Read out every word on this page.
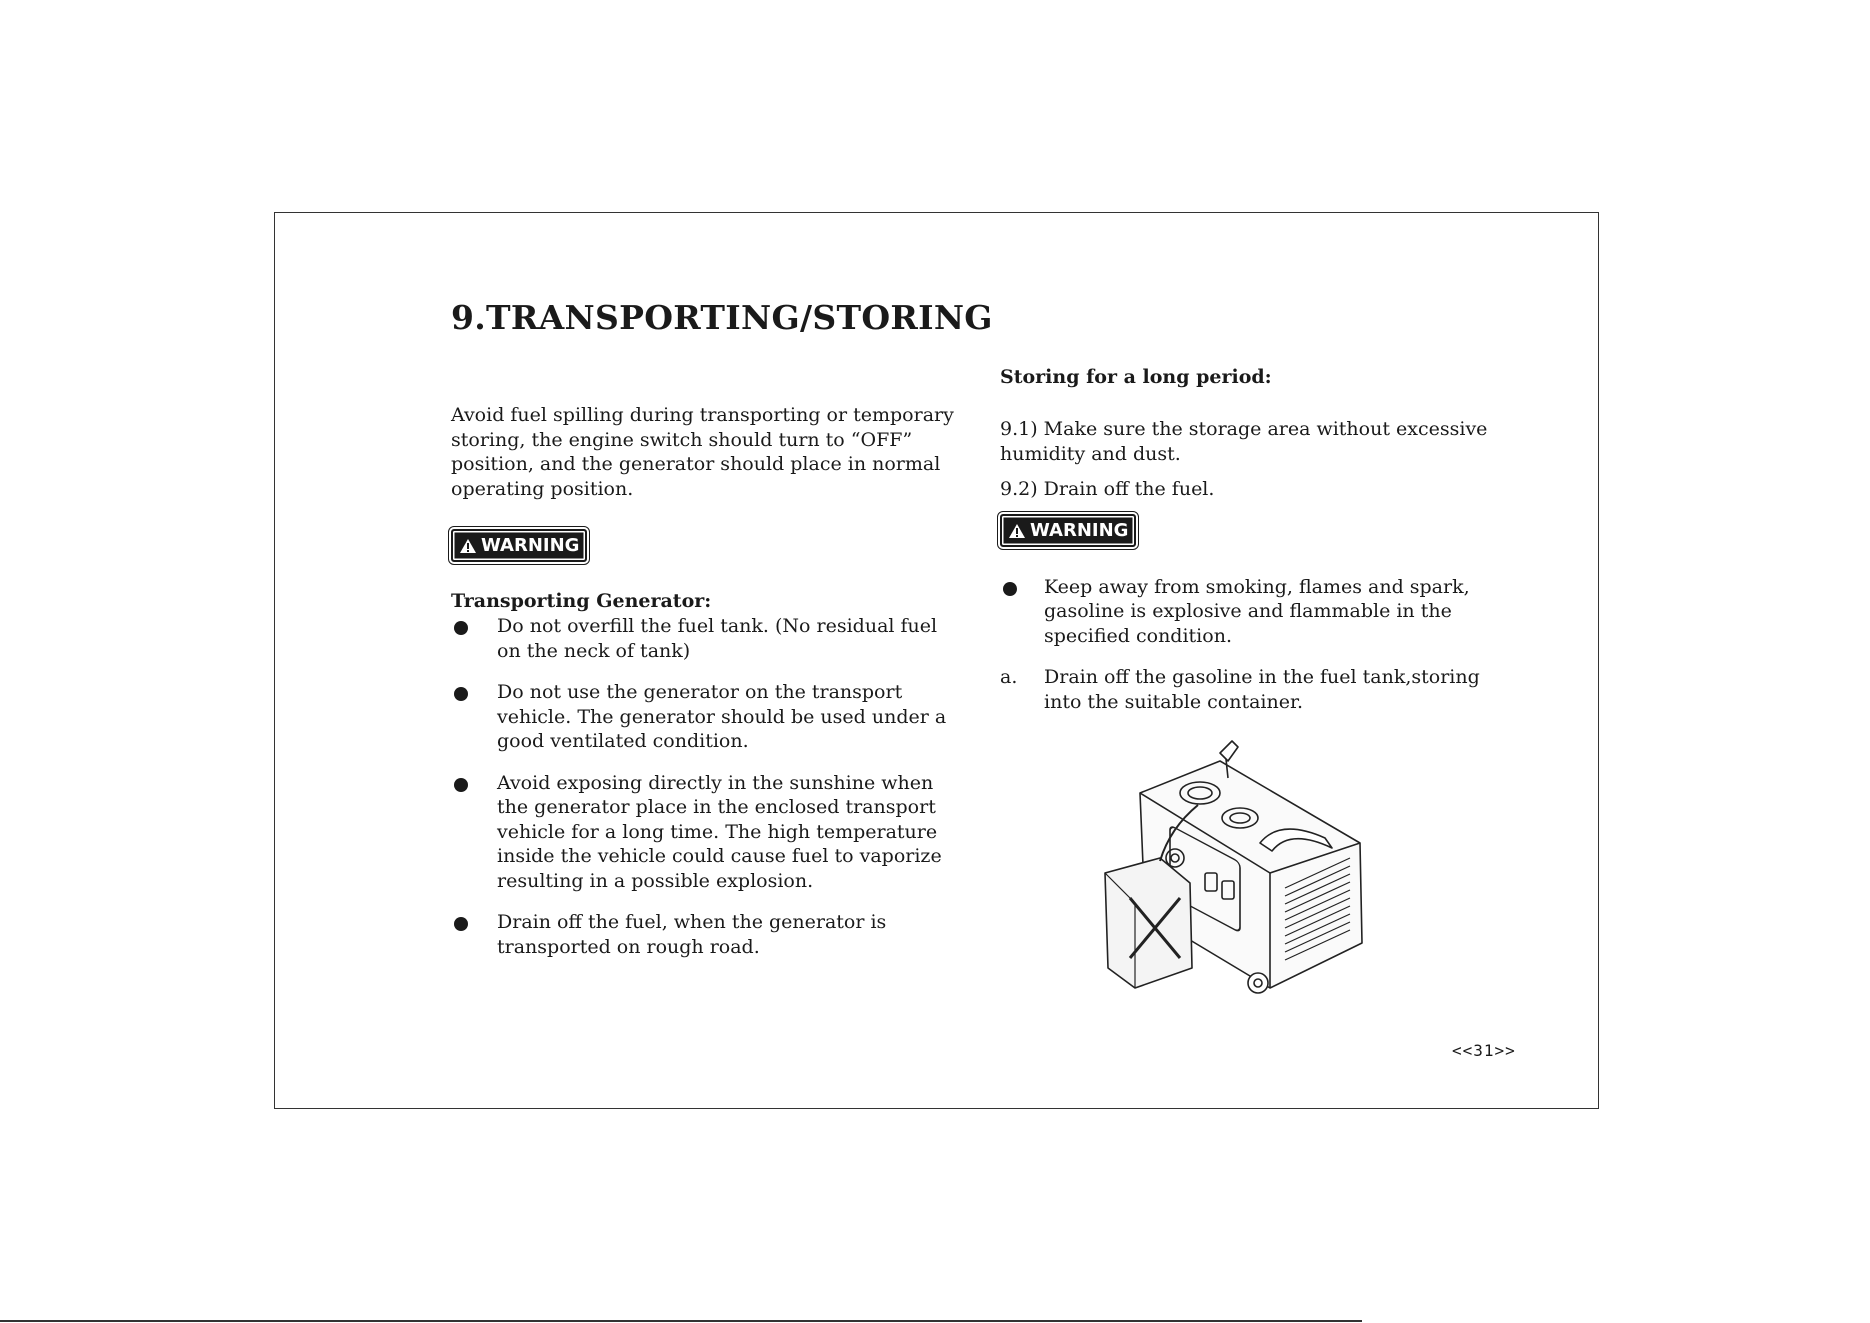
9.TRANSPORTING/STORING

Avoid fuel spilling during transporting or temporary storing, the engine switch should turn to “OFF” position, and the generator should place in normal operating position.

WARNING

Transporting Generator:

Do not overfill the fuel tank. (No residual fuel on the neck of tank)
Do not use the generator on the transport vehicle. The generator should be used under a good ventilated condition.
Avoid exposing directly in the sunshine when the generator place in the enclosed transport vehicle for a long time. The high temperature inside the vehicle could cause fuel to vaporize resulting in a possible explosion.
Drain off the fuel, when the generator is transported on rough road.

Storing for a long period:

9.1) Make sure the storage area without excessive humidity and dust.

9.2) Drain off the fuel.

WARNING
Keep away from smoking, flames and spark, gasoline is explosive and flammable in the specified condition.
a. Drain off the gasoline in the fuel tank,storing into the suitable container.
<<31>>
